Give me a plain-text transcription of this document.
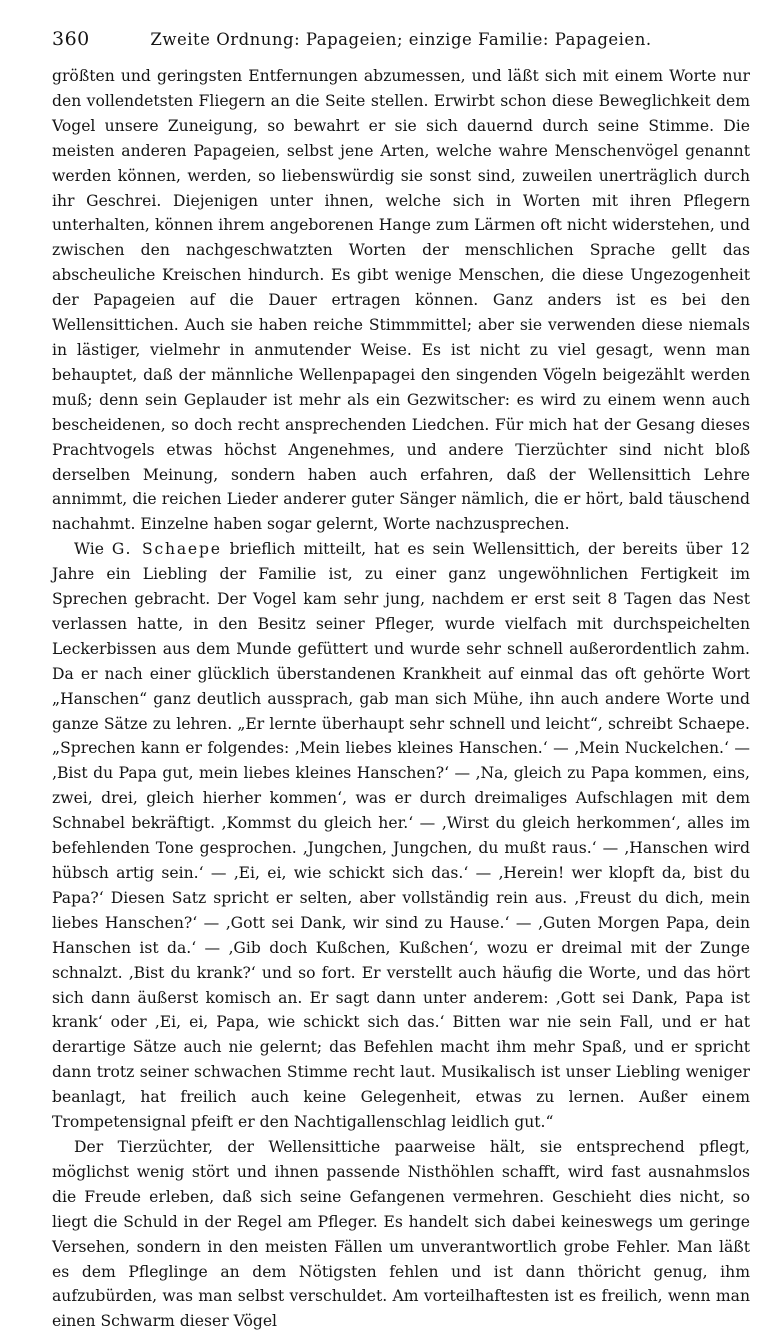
360	Zweite Ordnung: Papageien; einzige Familie: Papageien.

größten und geringsten Entfernungen abzumessen, und läßt sich mit einem Worte nur den vollendetsten Fliegern an die Seite stellen. Erwirbt schon diese Beweglichkeit dem Vogel unsere Zuneigung, so bewahrt er sie sich dauernd durch seine Stimme. Die meisten anderen Papageien, selbst jene Arten, welche wahre Menschenvögel genannt werden können, werden, so liebenswürdig sie sonst sind, zuweilen unerträglich durch ihr Geschrei. Diejenigen unter ihnen, welche sich in Worten mit ihren Pflegern unterhalten, können ihrem angeborenen Hange zum Lärmen oft nicht widerstehen, und zwischen den nachgeschwatzten Worten der menschlichen Sprache gellt das abscheuliche Kreischen hindurch. Es gibt wenige Menschen, die diese Ungezogenheit der Papageien auf die Dauer ertragen können. Ganz anders ist es bei den Wellensittichen. Auch sie haben reiche Stimmmittel; aber sie verwenden diese niemals in lästiger, vielmehr in anmutender Weise. Es ist nicht zu viel gesagt, wenn man behauptet, daß der männliche Wellenpapagei den singenden Vögeln beigezählt werden muß; denn sein Geplauder ist mehr als ein Gezwitscher: es wird zu einem wenn auch bescheidenen, so doch recht ansprechenden Liedchen. Für mich hat der Gesang dieses Prachtvogels etwas höchst Angenehmes, und andere Tierzüchter sind nicht bloß derselben Meinung, sondern haben auch erfahren, daß der Wellensittich Lehre annimmt, die reichen Lieder anderer guter Sänger nämlich, die er hört, bald täuschend nachahmt. Einzelne haben sogar gelernt, Worte nachzusprechen.

Wie G. Schaepe brieflich mitteilt, hat es sein Wellensittich, der bereits über 12 Jahre ein Liebling der Familie ist, zu einer ganz ungewöhnlichen Fertigkeit im Sprechen gebracht. Der Vogel kam sehr jung, nachdem er erst seit 8 Tagen das Nest verlassen hatte, in den Besitz seiner Pfleger, wurde vielfach mit durchspeichelten Leckerbissen aus dem Munde gefüttert und wurde sehr schnell außerordentlich zahm. Da er nach einer glücklich überstandenen Krankheit auf einmal das oft gehörte Wort „Hanschen“ ganz deutlich aussprach, gab man sich Mühe, ihn auch andere Worte und ganze Sätze zu lehren. „Er lernte überhaupt sehr schnell und leicht“, schreibt Schaepe. „Sprechen kann er folgendes: ‚Mein liebes kleines Hanschen.‘ — ‚Mein Nuckelchen.‘ — ‚Bist du Papa gut, mein liebes kleines Hanschen?‘ — ‚Na, gleich zu Papa kommen, eins, zwei, drei, gleich hierher kommen‘, was er durch dreimaliges Aufschlagen mit dem Schnabel bekräftigt. ‚Kommst du gleich her.‘ — ‚Wirst du gleich herkommen‘, alles im befehlenden Tone gesprochen. ‚Jungchen, Jungchen, du mußt raus.‘ — ‚Hanschen wird hübsch artig sein.‘ — ‚Ei, ei, wie schickt sich das.‘ — ‚Herein! wer klopft da, bist du Papa?‘ Diesen Satz spricht er selten, aber vollständig rein aus. ‚Freust du dich, mein liebes Hanschen?‘ — ‚Gott sei Dank, wir sind zu Hause.‘ — ‚Guten Morgen Papa, dein Hanschen ist da.‘ — ‚Gib doch Kußchen, Kußchen‘, wozu er dreimal mit der Zunge schnalzt. ‚Bist du krank?‘ und so fort. Er verstellt auch häufig die Worte, und das hört sich dann äußerst komisch an. Er sagt dann unter anderem: ‚Gott sei Dank, Papa ist krank‘ oder ‚Ei, ei, Papa, wie schickt sich das.‘ Bitten war nie sein Fall, und er hat derartige Sätze auch nie gelernt; das Befehlen macht ihm mehr Spaß, und er spricht dann trotz seiner schwachen Stimme recht laut. Musikalisch ist unser Liebling weniger beanlagt, hat freilich auch keine Gelegenheit, etwas zu lernen. Außer einem Trompetensignal pfeift er den Nachtigallenschlag leidlich gut.“

Der Tierzüchter, der Wellensittiche paarweise hält, sie entsprechend pflegt, möglichst wenig stört und ihnen passende Nisthöhlen schafft, wird fast ausnahmslos die Freude erleben, daß sich seine Gefangenen vermehren. Geschieht dies nicht, so liegt die Schuld in der Regel am Pfleger. Es handelt sich dabei keineswegs um geringe Versehen, sondern in den meisten Fällen um unverantwortlich grobe Fehler. Man läßt es dem Pfleglinge an dem Nötigsten fehlen und ist dann thöricht genug, ihm aufzubürden, was man selbst verschuldet. Am vorteilhaftesten ist es freilich, wenn man einen Schwarm dieser Vögel
